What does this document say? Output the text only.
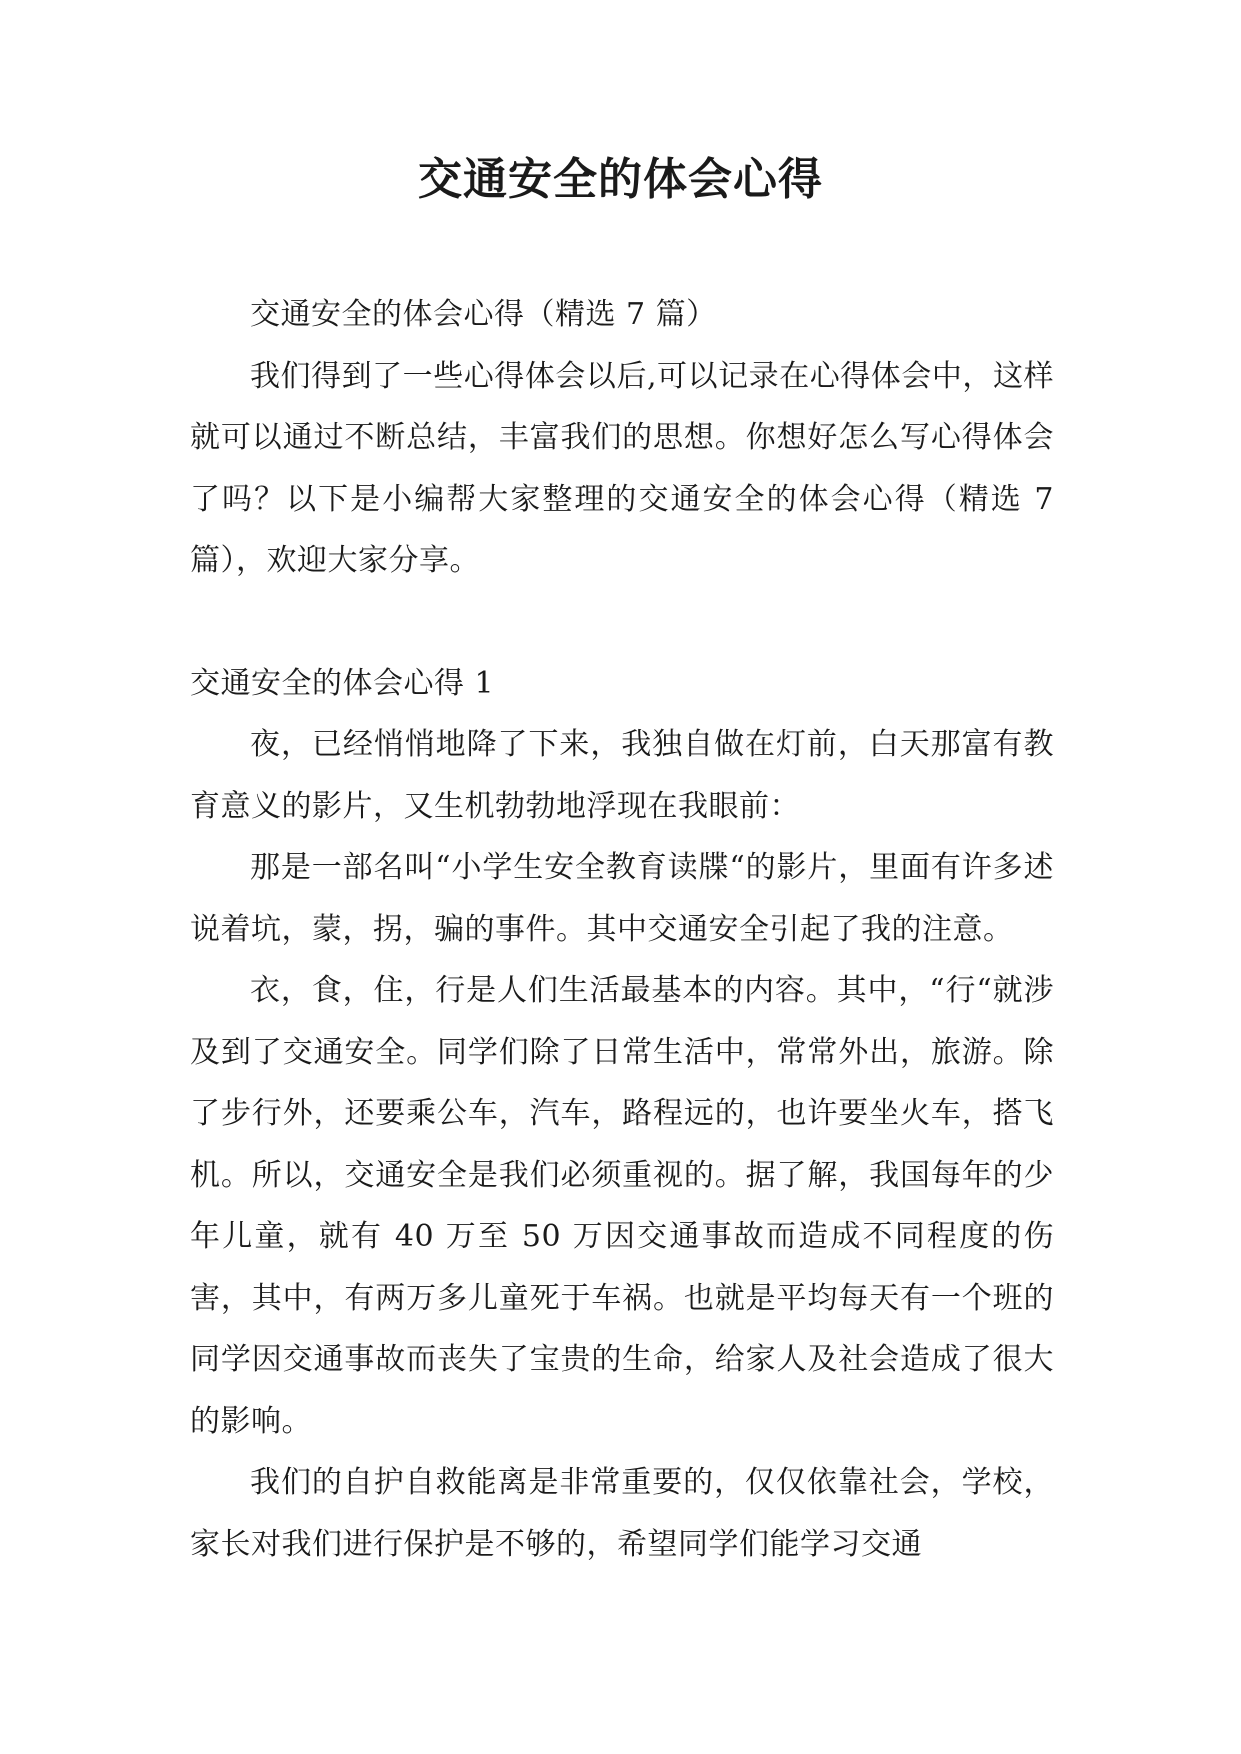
交通安全的体会心得

交通安全的体会心得（精选 7 篇）

我们得到了一些心得体会以后,可以记录在心得体会中，这样就可以通过不断总结，丰富我们的思想。你想好怎么写心得体会了吗？以下是小编帮大家整理的交通安全的体会心得（精选 7 篇），欢迎大家分享。

交通安全的体会心得 1

夜，已经悄悄地降了下来，我独自做在灯前，白天那富有教育意义的影片，又生机勃勃地浮现在我眼前：

那是一部名叫“小学生安全教育读牒“的影片，里面有许多述说着坑，蒙，拐，骗的事件。其中交通安全引起了我的注意。

衣，食，住，行是人们生活最基本的内容。其中，“行“就涉及到了交通安全。同学们除了日常生活中，常常外出，旅游。除了步行外，还要乘公车，汽车，路程远的，也许要坐火车，搭飞机。所以，交通安全是我们必须重视的。据了解，我国每年的少年儿童，就有 40 万至 50 万因交通事故而造成不同程度的伤害，其中，有两万多儿童死于车祸。也就是平均每天有一个班的同学因交通事故而丧失了宝贵的生命，给家人及社会造成了很大的影响。

我们的自护自救能离是非常重要的，仅仅依靠社会，学校，家长对我们进行保护是不够的，希望同学们能学习交通
